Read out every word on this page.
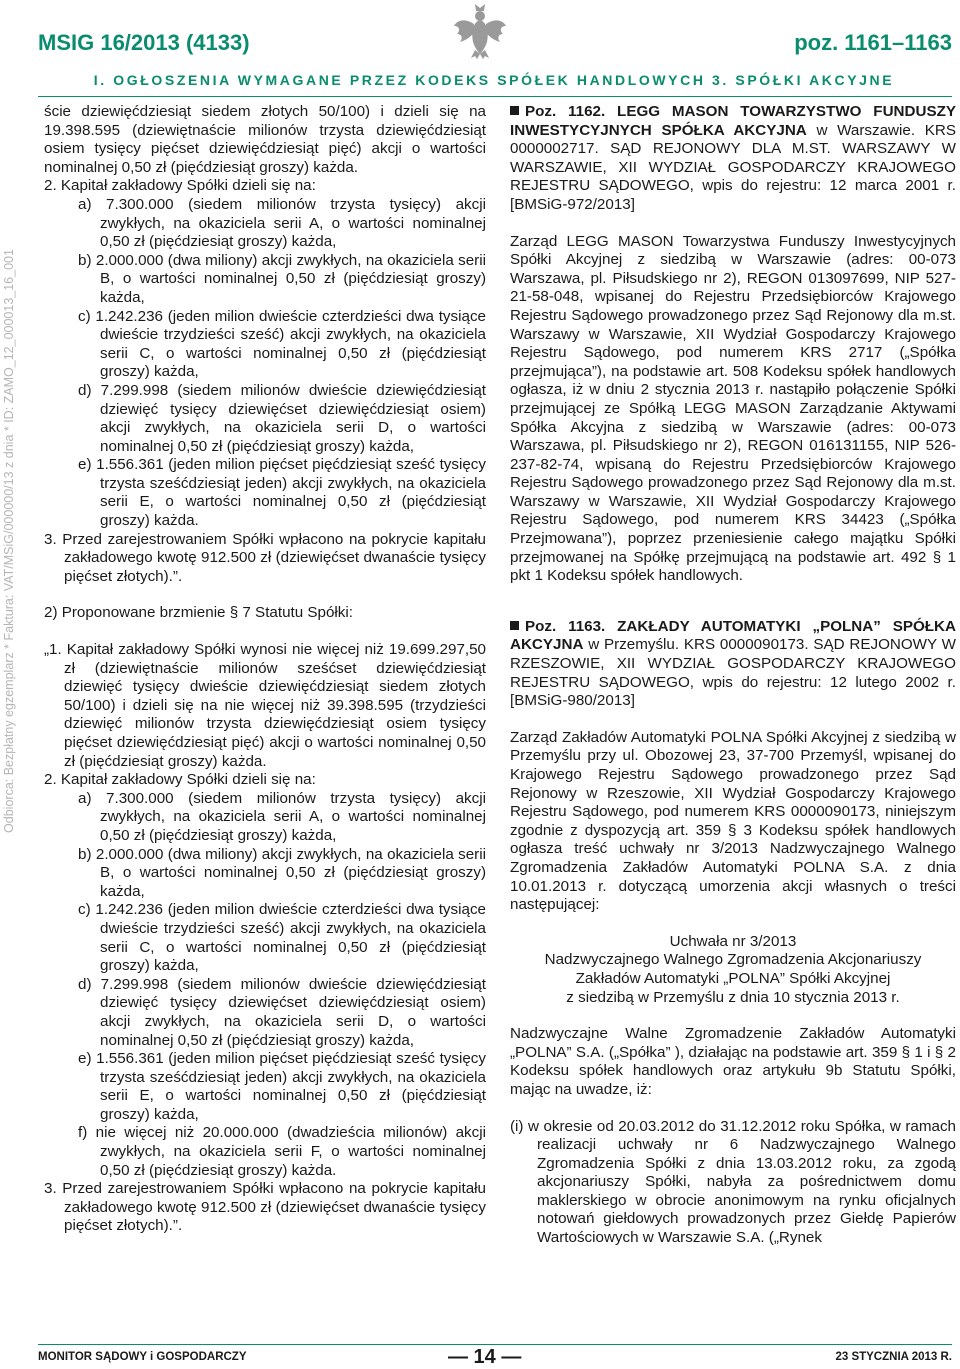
MSIG 16/2013 (4133)	poz. 1161–1163
I. OGŁOSZENIA WYMAGANE PRZEZ KODEKS SPÓŁEK HANDLOWYCH 3. SPÓŁKI AKCYJNE
Odbiorca: Bezpłatny egzemplarz * Faktura: VAT/MSiG/000000/13 z dnia * ID: ZAMO_12_000013_16_001

ście dziewięćdziesiąt siedem złotych 50/100) i dzieli się na 19.398.595 (dziewiętnaście milionów trzysta dziewięćdziesiąt osiem tysięcy pięćset dziewięćdziesiąt pięć) akcji o wartości nominalnej 0,50 zł (pięćdziesiąt groszy) każda.

2. Kapitał zakładowy Spółki dzieli się na:

a) 7.300.000 (siedem milionów trzysta tysięcy) akcji zwykłych, na okaziciela serii A, o wartości nominalnej 0,50 zł (pięćdziesiąt groszy) każda,

b) 2.000.000 (dwa miliony) akcji zwykłych, na okaziciela serii B, o wartości nominalnej 0,50 zł (pięćdziesiąt groszy) każda,

c) 1.242.236 (jeden milion dwieście czterdzieści dwa tysiące dwieście trzydzieści sześć) akcji zwykłych, na okaziciela serii C, o wartości nominalnej 0,50 zł (pięćdziesiąt groszy) każda,

d) 7.299.998 (siedem milionów dwieście dziewięćdziesiąt dziewięć tysięcy dziewięćset dziewięćdziesiąt osiem) akcji zwykłych, na okaziciela serii D, o wartości nominalnej 0,50 zł (pięćdziesiąt groszy) każda,

e) 1.556.361 (jeden milion pięćset pięćdziesiąt sześć tysięcy trzysta sześćdziesiąt jeden) akcji zwykłych, na okaziciela serii E, o wartości nominalnej 0,50 zł (pięćdziesiąt groszy) każda.

3. Przed zarejestrowaniem Spółki wpłacono na pokrycie kapitału zakładowego kwotę 912.500 zł (dziewięćset dwanaście tysięcy pięćset złotych).”.

2) Proponowane brzmienie § 7 Statutu Spółki:

„1. Kapitał zakładowy Spółki wynosi nie więcej niż 19.699.297,50 zł (dziewiętnaście milionów sześćset dziewięćdziesiąt dziewięć tysięcy dwieście dziewięćdziesiąt siedem złotych 50/100) i dzieli się na nie więcej niż 39.398.595 (trzydzieści dziewięć milionów trzysta dziewięćdziesiąt osiem tysięcy pięćset dziewięćdziesiąt pięć) akcji o wartości nominalnej 0,50 zł (pięćdziesiąt groszy) każda.

2. Kapitał zakładowy Spółki dzieli się na:

a) 7.300.000 (siedem milionów trzysta tysięcy) akcji zwykłych, na okaziciela serii A, o wartości nominalnej 0,50 zł (pięćdziesiąt groszy) każda,

b) 2.000.000 (dwa miliony) akcji zwykłych, na okaziciela serii B, o wartości nominalnej 0,50 zł (pięćdziesiąt groszy) każda,

c) 1.242.236 (jeden milion dwieście czterdzieści dwa tysiące dwieście trzydzieści sześć) akcji zwykłych, na okaziciela serii C, o wartości nominalnej 0,50 zł (pięćdziesiąt groszy) każda,

d) 7.299.998 (siedem milionów dwieście dziewięćdziesiąt dziewięć tysięcy dziewięćset dziewięćdziesiąt osiem) akcji zwykłych, na okaziciela serii D, o wartości nominalnej 0,50 zł (pięćdziesiąt groszy) każda,

e) 1.556.361 (jeden milion pięćset pięćdziesiąt sześć tysięcy trzysta sześćdziesiąt jeden) akcji zwykłych, na okaziciela serii E, o wartości nominalnej 0,50 zł (pięćdziesiąt groszy) każda,

f) nie więcej niż 20.000.000 (dwadzieścia milionów) akcji zwykłych, na okaziciela serii F, o wartości nominalnej 0,50 zł (pięćdziesiąt groszy) każda.

3. Przed zarejestrowaniem Spółki wpłacono na pokrycie kapitału zakładowego kwotę 912.500 zł (dziewięćset dwanaście tysięcy pięćset złotych).”.

Poz. 1162. LEGG MASON TOWARZYSTWO FUNDUSZY INWESTYCYJNYCH SPÓŁKA AKCYJNA w Warszawie. KRS 0000002717. SĄD REJONOWY DLA M.ST. WARSZAWY W WARSZAWIE, XII WYDZIAŁ GOSPODARCZY KRAJOWEGO REJESTRU SĄDOWEGO, wpis do rejestru: 12 marca 2001 r. [BMSiG-972/2013]

Zarząd LEGG MASON Towarzystwa Funduszy Inwestycyjnych Spółki Akcyjnej z siedzibą w Warszawie (adres: 00-073 Warszawa, pl. Piłsudskiego nr 2), REGON 013097699, NIP 527-21-58-048, wpisanej do Rejestru Przedsiębiorców Krajowego Rejestru Sądowego prowadzonego przez Sąd Rejonowy dla m.st. Warszawy w Warszawie, XII Wydział Gospodarczy Krajowego Rejestru Sądowego, pod numerem KRS 2717 („Spółka przejmująca”), na podstawie art. 508 Kodeksu spółek handlowych ogłasza, iż w dniu 2 stycznia 2013 r. nastąpiło połączenie Spółki przejmującej ze Spółką LEGG MASON Zarządzanie Aktywami Spółka Akcyjna z siedzibą w Warszawie (adres: 00-073 Warszawa, pl. Piłsudskiego nr 2), REGON 016131155, NIP 526-237-82-74, wpisaną do Rejestru Przedsiębiorców Krajowego Rejestru Sądowego prowadzonego przez Sąd Rejonowy dla m.st. Warszawy w Warszawie, XII Wydział Gospodarczy Krajowego Rejestru Sądowego, pod numerem KRS 34423 („Spółka Przejmowana”), poprzez przeniesienie całego majątku Spółki przejmowanej na Spółkę przejmującą na podstawie art. 492 § 1 pkt 1 Kodeksu spółek handlowych.

Poz. 1163. ZAKŁADY AUTOMATYKI „POLNA” SPÓŁKA AKCYJNA w Przemyślu. KRS 0000090173. SĄD REJONOWY W RZESZOWIE, XII WYDZIAŁ GOSPODARCZY KRAJOWEGO REJESTRU SĄDOWEGO, wpis do rejestru: 12 lutego 2002 r. [BMSiG-980/2013]

Zarząd Zakładów Automatyki POLNA Spółki Akcyjnej z siedzibą w Przemyślu przy ul. Obozowej 23, 37-700 Przemyśl, wpisanej do Krajowego Rejestru Sądowego prowadzonego przez Sąd Rejonowy w Rzeszowie, XII Wydział Gospodarczy Krajowego Rejestru Sądowego, pod numerem KRS 0000090173, niniejszym zgodnie z dyspozycją art. 359 § 3 Kodeksu spółek handlowych ogłasza treść uchwały nr 3/2013 Nadzwyczajnego Walnego Zgromadzenia Zakładów Automatyki POLNA S.A. z dnia 10.01.2013 r. dotyczącą umorzenia akcji własnych o treści następującej:

Uchwała nr 3/2013

Nadzwyczajnego Walnego Zgromadzenia Akcjonariuszy

Zakładów Automatyki „POLNA” Spółki Akcyjnej

z siedzibą w Przemyślu z dnia 10 stycznia 2013 r.

Nadzwyczajne Walne Zgromadzenie Zakładów Automatyki „POLNA” S.A. („Spółka” ), działając na podstawie art. 359 § 1 i § 2 Kodeksu spółek handlowych oraz artykułu 9b Statutu Spółki, mając na uwadze, iż:

(i) w okresie od 20.03.2012 do 31.12.2012 roku Spółka, w ramach realizacji uchwały nr 6 Nadzwyczajnego Walnego Zgromadzenia Spółki z dnia 13.03.2012 roku, za zgodą akcjonariuszy Spółki, nabyła za pośrednictwem domu maklerskiego w obrocie anonimowym na rynku oficjalnych notowań giełdowych prowadzonych przez Giełdę Papierów Wartościowych w Warszawie S.A. („Rynek

MONITOR SĄDOWY i GOSPODARCZY	— 14 —	23 STYCZNIA 2013 R.
